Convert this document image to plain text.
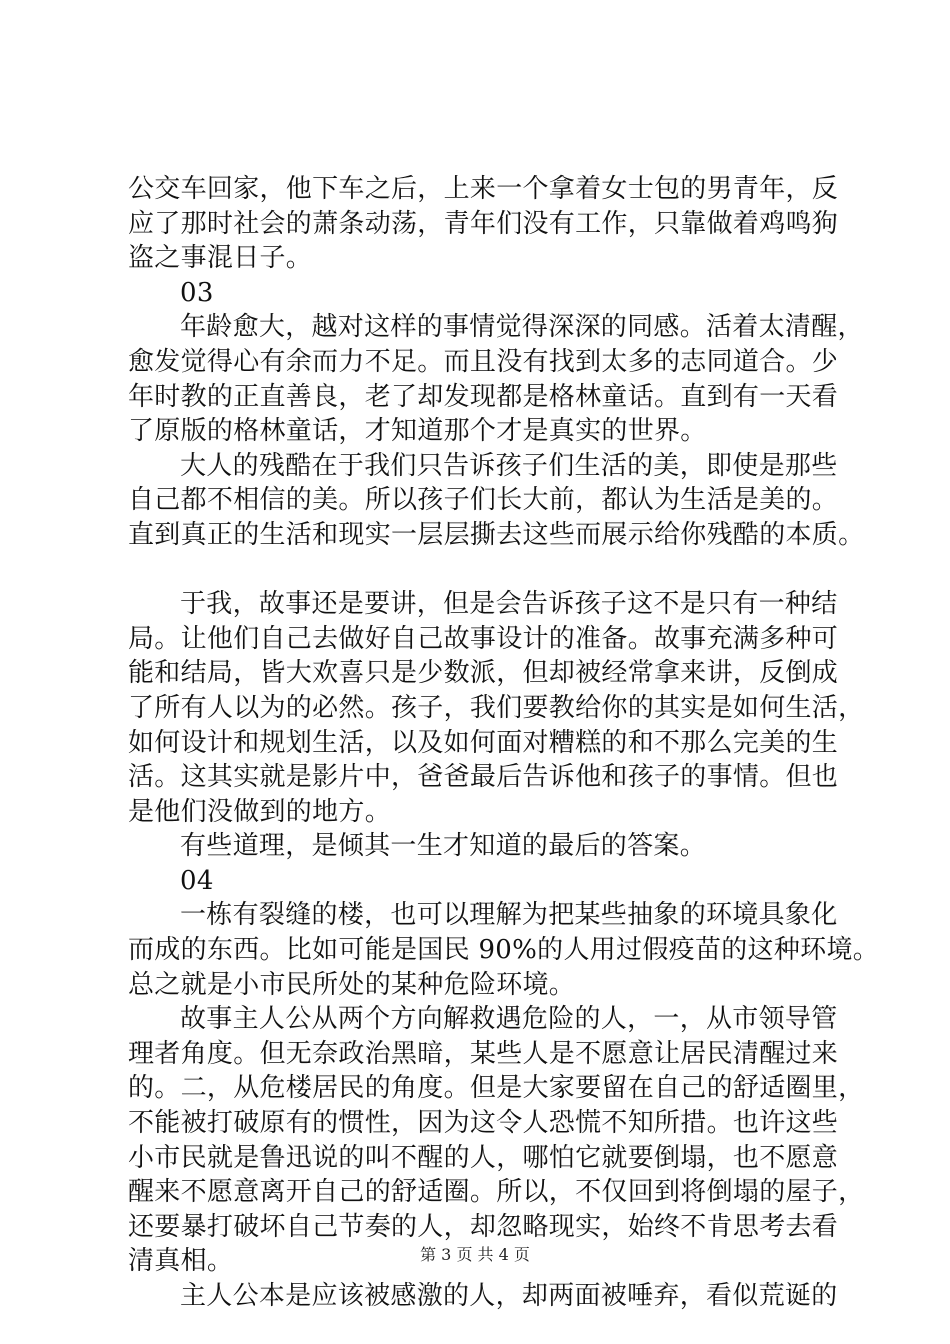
公交车回家，他下车之后，上来一个拿着女士包的男青年，反
应了那时社会的萧条动荡，青年们没有工作，只靠做着鸡鸣狗
盗之事混日子。
03
年龄愈大，越对这样的事情觉得深深的同感。活着太清醒，
愈发觉得心有余而力不足。而且没有找到太多的志同道合。少
年时教的正直善良，老了却发现都是格林童话。直到有一天看
了原版的格林童话，才知道那个才是真实的世界。
大人的残酷在于我们只告诉孩子们生活的美，即使是那些
自己都不相信的美。所以孩子们长大前，都认为生活是美的。
直到真正的生活和现实一层层撕去这些而展示给你残酷的本质。
于我，故事还是要讲，但是会告诉孩子这不是只有一种结
局。让他们自己去做好自己故事设计的准备。故事充满多种可
能和结局，皆大欢喜只是少数派，但却被经常拿来讲，反倒成
了所有人以为的必然。孩子，我们要教给你的其实是如何生活，
如何设计和规划生活，以及如何面对糟糕的和不那么完美的生
活。这其实就是影片中，爸爸最后告诉他和孩子的事情。但也
是他们没做到的地方。
有些道理，是倾其一生才知道的最后的答案。
04
一栋有裂缝的楼，也可以理解为把某些抽象的环境具象化
而成的东西。比如可能是国民 90%的人用过假疫苗的这种环境。
总之就是小市民所处的某种危险环境。
故事主人公从两个方向解救遇危险的人，一，从市领导管
理者角度。但无奈政治黑暗，某些人是不愿意让居民清醒过来
的。二，从危楼居民的角度。但是大家要留在自己的舒适圈里，
不能被打破原有的惯性，因为这令人恐慌不知所措。也许这些
小市民就是鲁迅说的叫不醒的人，哪怕它就要倒塌，也不愿意
醒来不愿意离开自己的舒适圈。所以，不仅回到将倒塌的屋子，
还要暴打破坏自己节奏的人，却忽略现实，始终不肯思考去看
清真相。
主人公本是应该被感激的人，却两面被唾弃，看似荒诞的
第 3 页 共 4 页
